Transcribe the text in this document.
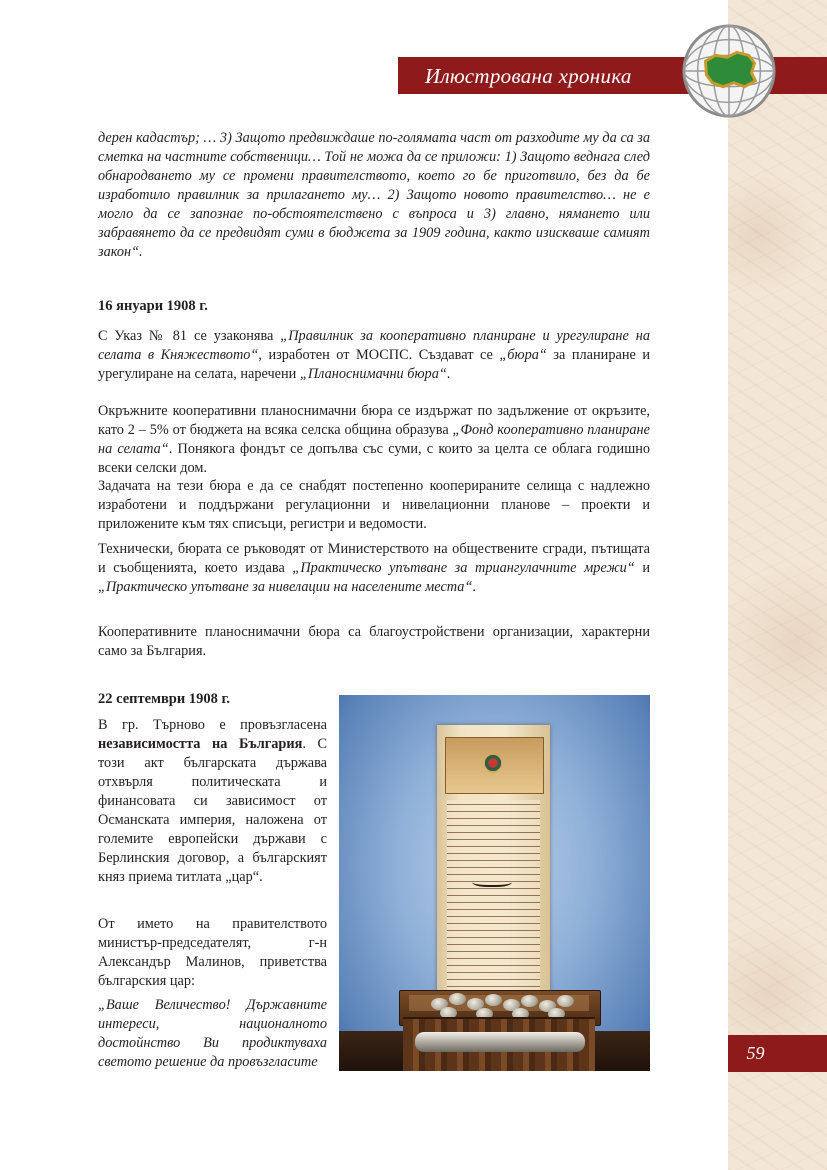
Илюстрована хроника

дерен кадастър; … 3) Защото предвиждаше по-голямата част от разходите му да са за сметка на частните собственици… Той не можа да се приложи: 1) Защото веднага след обнародването му се промени правителството, което го бе приготвило, без да бе изработило правилник за прилагането му… 2) Защото новото правителство… не е могло да се запознае по-обстоятелствено с въпроса и 3) главно, нямането или забравянето да се предвидят суми в бюджета за 1909 година, както изискваше самият закон“.

16 януари 1908 г.

С Указ № 81 се узаконява „Правилник за кооперативно планиране и урегулиране на селата в Княжеството“, изработен от МОСПС. Създават се „бюра“ за планиране и урегулиране на селата, наречени „Планоснимачни бюра“.

Окръжните кооперативни планоснимачни бюра се издържат по задължение от окръзите, като 2 – 5% от бюджета на всяка селска община образува „Фонд кооперативно планиране на селата“. Понякога фондът се допълва със суми, с които за целта се облага годишно всеки селски дом.

Задачата на тези бюра е да се снабдят постепенно кооперираните селища с надлежно изработени и поддържани регулационни и нивелационни планове – проекти и приложените към тях списъци, регистри и ведомости.

Технически, бюрата се ръководят от Министерството на обществените сгради, пътищата и съобщенията, което издава „Практическо упътване за триангулачните мрежи“ и „Практическо упътване за нивелации на населените места“.

Кооперативните планоснимачни бюра са благоустройствени организации, характерни само за България.

22 септември 1908 г.

В гр. Търново е провъзгласена независимостта на България. С този акт българската държава отхвърля политическата и финансовата си зависимост от Османската империя, наложена от големите европейски държави с Берлинския договор, а българският княз приема титлата „цар“.

От името на правителството министър-председателят, г-н Александър Малинов, приветства българския цар:

„Ваше Величество! Държавните интереси, националното достойнство Ви продиктуваха светото решение да провъзгласите	59
